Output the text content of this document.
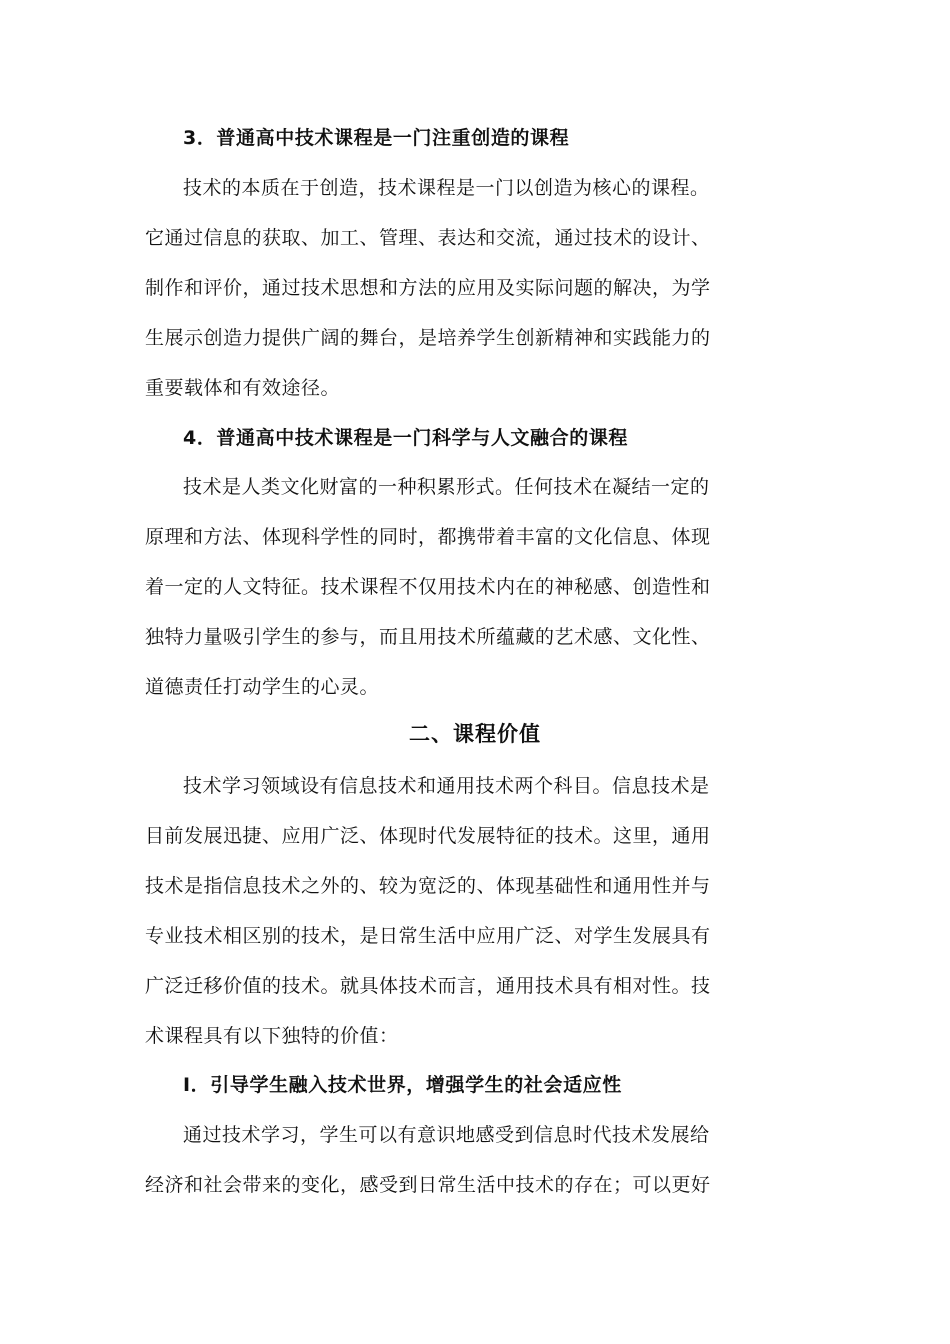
3．普通高中技术课程是一门注重创造的课程
技术的本质在于创造，技术课程是一门以创造为核心的课程。
它通过信息的获取、加工、管理、表达和交流，通过技术的设计、
制作和评价，通过技术思想和方法的应用及实际问题的解决，为学
生展示创造力提供广阔的舞台，是培养学生创新精神和实践能力的
重要载体和有效途径。
4．普通高中技术课程是一门科学与人文融合的课程
技术是人类文化财富的一种积累形式。任何技术在凝结一定的
原理和方法、体现科学性的同时，都携带着丰富的文化信息、体现
着一定的人文特征。技术课程不仅用技术内在的神秘感、创造性和
独特力量吸引学生的参与，而且用技术所蕴藏的艺术感、文化性、
道德责任打动学生的心灵。
二、课程价值
技术学习领域设有信息技术和通用技术两个科目。信息技术是
目前发展迅捷、应用广泛、体现时代发展特征的技术。这里，通用
技术是指信息技术之外的、较为宽泛的、体现基础性和通用性并与
专业技术相区别的技术，是日常生活中应用广泛、对学生发展具有
广泛迁移价值的技术。就具体技术而言，通用技术具有相对性。技
术课程具有以下独特的价值：
Ⅰ．引导学生融入技术世界，增强学生的社会适应性
通过技术学习，学生可以有意识地感受到信息时代技术发展给
经济和社会带来的变化，感受到日常生活中技术的存在；可以更好
